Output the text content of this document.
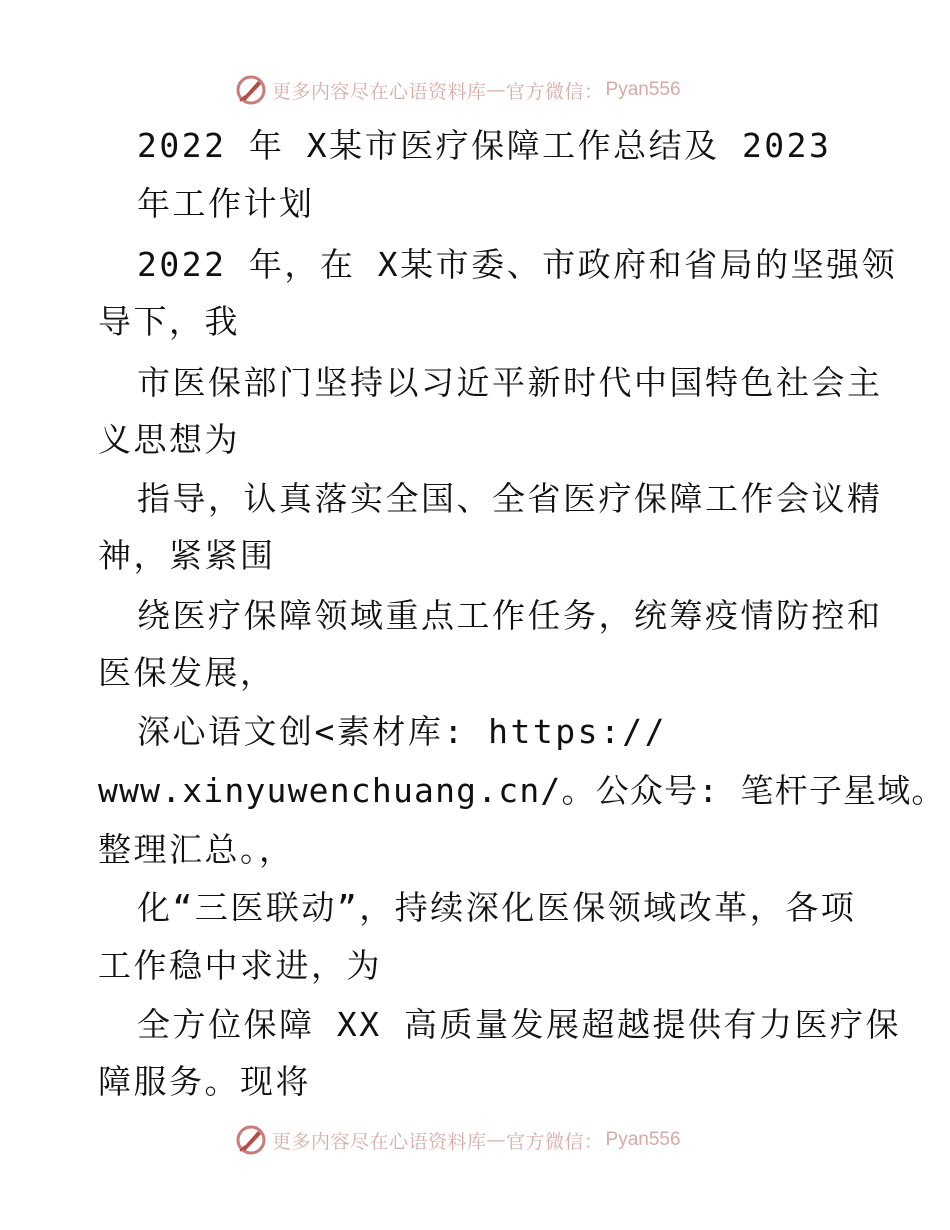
更多内容尽在心语资料库 — 官方微信： Pyan556
2022 年 X某市医疗保障工作总结及 2023
年工作计划
2022 年，在 X某市委、市政府和省局的坚强领
导下，我
市医保部门坚持以习近平新时代中国特色社会主
义思想为
指导，认真落实全国、全省医疗保障工作会议精
神，紧紧围
绕医疗保障领域重点工作任务，统筹疫情防控和
医保发展，
深心语文创<素材库: https://
www.xinyuwenchuang.cn/。公众号: 笔杆子星域。
整理汇总。，
化“三医联动”，持续深化医保领域改革，各项
工作稳中求进，为
全方位保障 XX 高质量发展超越提供有力医疗保
障服务。现将
更多内容尽在心语资料库 — 官方微信： Pyan556
